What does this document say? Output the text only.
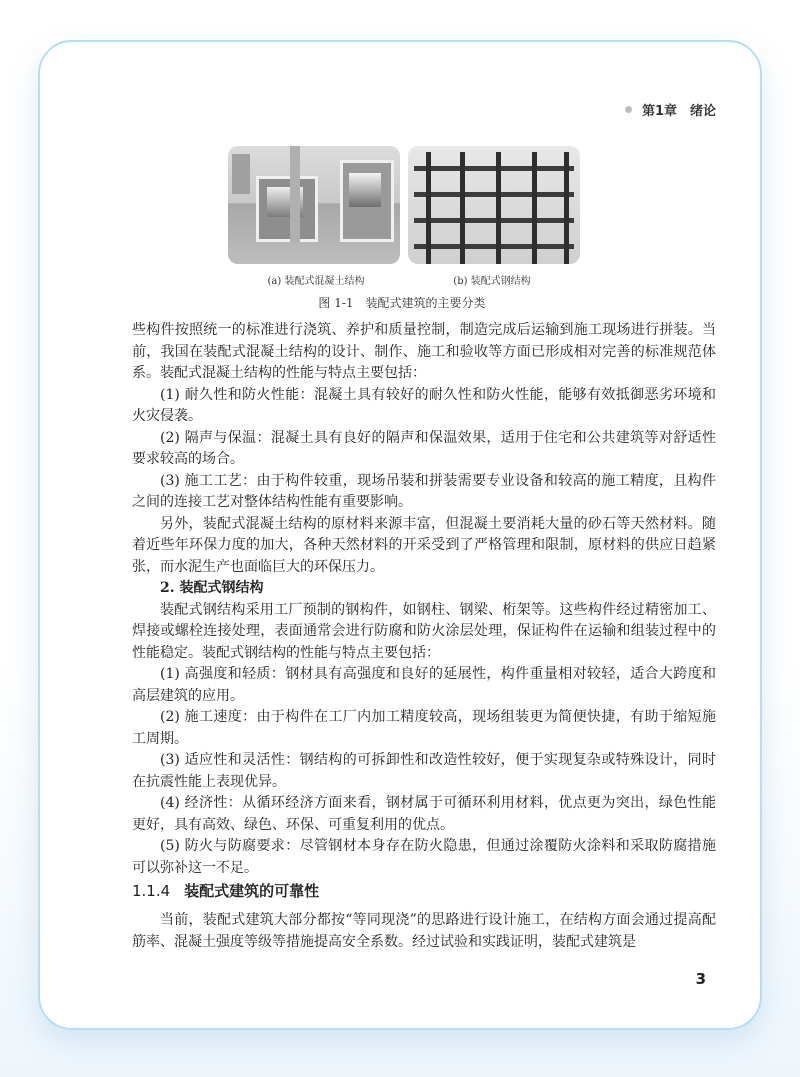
第1章　绪论
(a) 装配式混凝土结构	(b) 装配式钢结构
图 1-1　装配式建筑的主要分类

些构件按照统一的标准进行浇筑、养护和质量控制，制造完成后运输到施工现场进行拼装。当前，我国在装配式混凝土结构的设计、制作、施工和验收等方面已形成相对完善的标准规范体系。装配式混凝土结构的性能与特点主要包括：

(1) 耐久性和防火性能：混凝土具有较好的耐久性和防火性能，能够有效抵御恶劣环境和火灾侵袭。

(2) 隔声与保温：混凝土具有良好的隔声和保温效果，适用于住宅和公共建筑等对舒适性要求较高的场合。

(3) 施工工艺：由于构件较重，现场吊装和拼装需要专业设备和较高的施工精度，且构件之间的连接工艺对整体结构性能有重要影响。

另外，装配式混凝土结构的原材料来源丰富，但混凝土要消耗大量的砂石等天然材料。随着近些年环保力度的加大，各种天然材料的开采受到了严格管理和限制，原材料的供应日趋紧张，而水泥生产也面临巨大的环保压力。

2. 装配式钢结构

装配式钢结构采用工厂预制的钢构件，如钢柱、钢梁、桁架等。这些构件经过精密加工、焊接或螺栓连接处理，表面通常会进行防腐和防火涂层处理，保证构件在运输和组装过程中的性能稳定。装配式钢结构的性能与特点主要包括：

(1) 高强度和轻质：钢材具有高强度和良好的延展性，构件重量相对较轻，适合大跨度和高层建筑的应用。

(2) 施工速度：由于构件在工厂内加工精度较高，现场组装更为简便快捷，有助于缩短施工周期。

(3) 适应性和灵活性：钢结构的可拆卸性和改造性较好，便于实现复杂或特殊设计，同时在抗震性能上表现优异。

(4) 经济性：从循环经济方面来看，钢材属于可循环利用材料，优点更为突出，绿色性能更好，具有高效、绿色、环保、可重复利用的优点。

(5) 防火与防腐要求：尽管钢材本身存在防火隐患，但通过涂覆防火涂料和采取防腐措施可以弥补这一不足。

1.1.4 装配式建筑的可靠性

当前，装配式建筑大部分都按“等同现浇”的思路进行设计施工，在结构方面会通过提高配筋率、混凝土强度等级等措施提高安全系数。经过试验和实践证明，装配式建筑是

3
